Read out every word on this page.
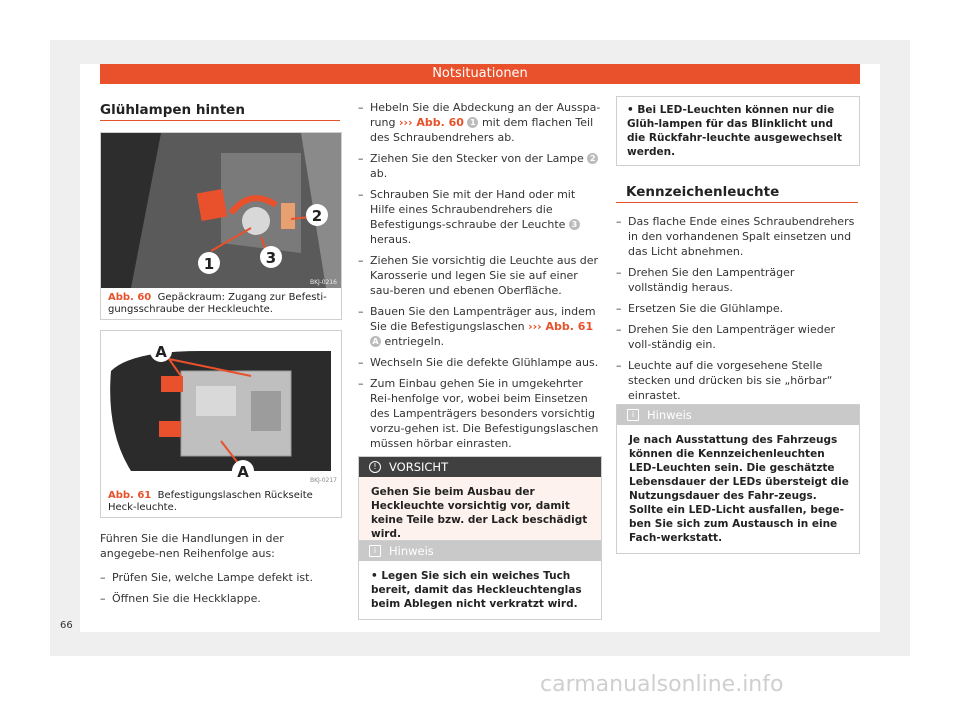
Notsituationen
Glühlampen hinten
1
2
3
BKJ-0216
Abb. 60 Gepäckraum: Zugang zur Befesti-gungsschraube der Heckleuchte.
A
A	BKJ-0217
Abb. 61 Befestigungslaschen Rückseite Heck-leuchte.
Führen Sie die Handlungen in der angegebe-nen Reihenfolge aus:
– Prüfen Sie, welche Lampe defekt ist.
– Öffnen Sie die Heckklappe.
– Hebeln Sie die Abdeckung an der Ausspa-rung ››› Abb. 60 1 mit dem flachen Teil des Schraubendrehers ab.
– Ziehen Sie den Stecker von der Lampe 2 ab.
– Schrauben Sie mit der Hand oder mit Hilfe eines Schraubendrehers die Befestigungs-schraube der Leuchte 3 heraus.
– Ziehen Sie vorsichtig die Leuchte aus der Karosserie und legen Sie sie auf einer sau-beren und ebenen Oberfläche.
– Bauen Sie den Lampenträger aus, indem Sie die Befestigungslaschen ››› Abb. 61 A entriegeln.
– Wechseln Sie die defekte Glühlampe aus.
– Zum Einbau gehen Sie in umgekehrter Rei-henfolge vor, wobei beim Einsetzen des Lampenträgers besonders vorsichtig vorzu-gehen ist. Die Befestigungslaschen müssen hörbar einrasten.
!	VORSICHT
Gehen Sie beim Ausbau der Heckleuchte vorsichtig vor, damit keine Teile bzw. der Lack beschädigt wird.
i	Hinweis
• Legen Sie sich ein weiches Tuch bereit, damit das Heckleuchtenglas beim Ablegen nicht verkratzt wird.
• Bei LED-Leuchten können nur die Glüh-lampen für das Blinklicht und die Rückfahr-leuchte ausgewechselt werden.
Kennzeichenleuchte
– Das flache Ende eines Schraubendrehers in den vorhandenen Spalt einsetzen und das Licht abnehmen.
– Drehen Sie den Lampenträger vollständig heraus.
– Ersetzen Sie die Glühlampe.
– Drehen Sie den Lampenträger wieder voll-ständig ein.
– Leuchte auf die vorgesehene Stelle stecken und drücken bis sie „hörbar“ einrastet.
i	Hinweis
Je nach Ausstattung des Fahrzeugs können die Kennzeichenleuchten LED-Leuchten sein. Die geschätzte Lebensdauer der LEDs übersteigt die Nutzungsdauer des Fahr-zeugs. Sollte ein LED-Licht ausfallen, bege-ben Sie sich zum Austausch in eine Fach-werkstatt.
66
carmanualsonline.info
